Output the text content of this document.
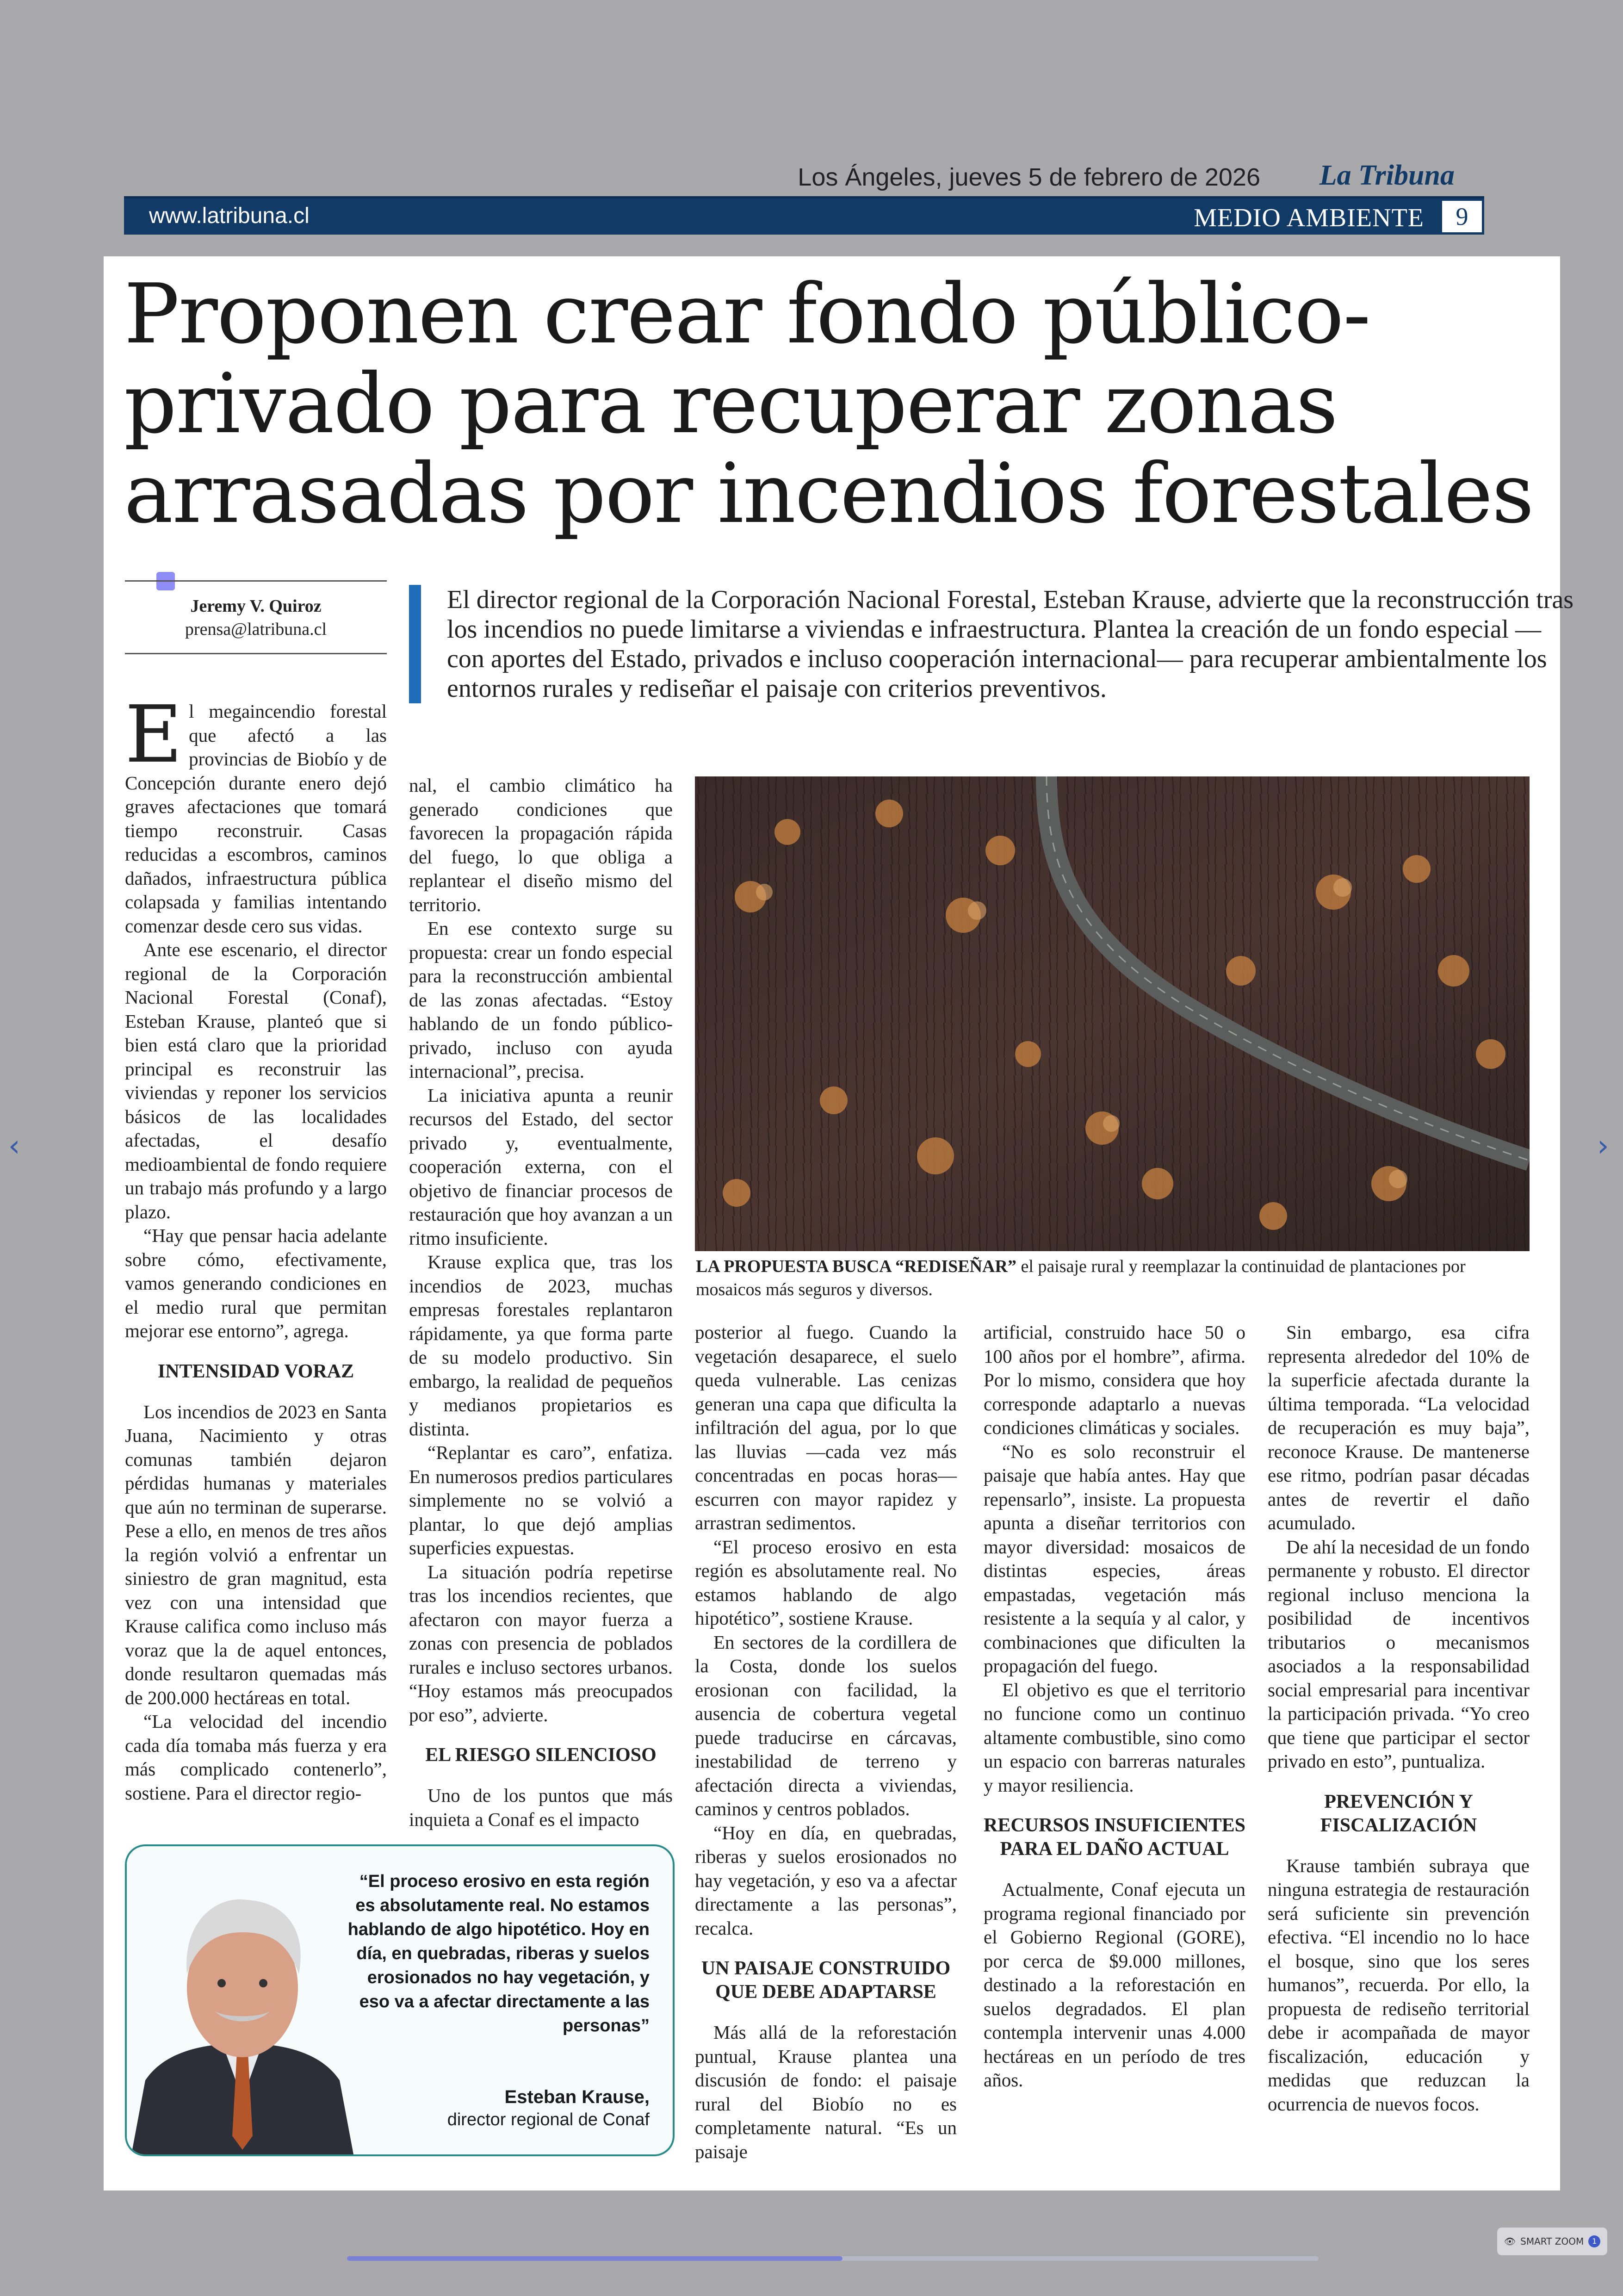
Los Ángeles, jueves 5 de febrero de 2026 La Tribuna
www.latribuna.cl	MEDIO AMBIENTE	9
Proponen crear fondo público-privado para recuperar zonas arrasadas por incendios forestales
Jeremy V. Quiroz
prensa@latribuna.cl
El director regional de la Corporación Nacional Forestal, Esteban Krause, advierte que la reconstrucción tras los incendios no puede limitarse a viviendas e infraestructura. Plantea la creación de un fondo especial —con aportes del Estado, privados e incluso cooperación internacional— para recuperar ambientalmente los entornos rurales y rediseñar el paisaje con criterios preventivos.

El megaincendio forestal que afectó a las provincias de Biobío y de Concepción durante enero dejó graves afectaciones que tomará tiempo reconstruir. Casas reducidas a escombros, caminos dañados, infraestructura pública colapsada y familias intentando comenzar desde cero sus vidas.

Ante ese escenario, el director regional de la Corporación Nacional Forestal (Conaf), Esteban Krause, planteó que si bien está claro que la prioridad principal es reconstruir las viviendas y reponer los servicios básicos de las localidades afectadas, el desafío medioambiental de fondo requiere un trabajo más profundo y a largo plazo.

“Hay que pensar hacia adelante sobre cómo, efectivamente, vamos generando condiciones en el medio rural que permitan mejorar ese entorno”, agrega.

INTENSIDAD VORAZ

Los incendios de 2023 en Santa Juana, Nacimiento y otras comunas también dejaron pérdidas humanas y materiales que aún no terminan de superarse. Pese a ello, en menos de tres años la región volvió a enfrentar un siniestro de gran magnitud, esta vez con una intensidad que Krause califica como incluso más voraz que la de aquel entonces, donde resultaron quemadas más de 200.000 hectáreas en total.

“La velocidad del incendio cada día tomaba más fuerza y era más complicado contenerlo”, sostiene. Para el director regio-

nal, el cambio climático ha generado condiciones que favorecen la propagación rápida del fuego, lo que obliga a replantear el diseño mismo del territorio.

En ese contexto surge su propuesta: crear un fondo especial para la reconstrucción ambiental de las zonas afectadas. “Estoy hablando de un fondo público-privado, incluso con ayuda internacional”, precisa.

La iniciativa apunta a reunir recursos del Estado, del sector privado y, eventualmente, cooperación externa, con el objetivo de financiar procesos de restauración que hoy avanzan a un ritmo insuficiente.

Krause explica que, tras los incendios de 2023, muchas empresas forestales replantaron rápidamente, ya que forma parte de su modelo productivo. Sin embargo, la realidad de pequeños y medianos propietarios es distinta.

“Replantar es caro”, enfatiza. En numerosos predios particulares simplemente no se volvió a plantar, lo que dejó amplias superficies expuestas.

La situación podría repetirse tras los incendios recientes, que afectaron con mayor fuerza a zonas con presencia de poblados rurales e incluso sectores urbanos. “Hoy estamos más preocupados por eso”, advierte.

EL RIESGO SILENCIOSO

Uno de los puntos que más inquieta a Conaf es el impacto

LA PROPUESTA BUSCA “REDISEÑAR” el paisaje rural y reemplazar la continuidad de plantaciones por mosaicos más seguros y diversos.

posterior al fuego. Cuando la vegetación desaparece, el suelo queda vulnerable. Las cenizas generan una capa que dificulta la infiltración del agua, por lo que las lluvias —cada vez más concentradas en pocas horas— escurren con mayor rapidez y arrastran sedimentos.

“El proceso erosivo en esta región es absolutamente real. No estamos hablando de algo hipotético”, sostiene Krause.

En sectores de la cordillera de la Costa, donde los suelos erosionan con facilidad, la ausencia de cobertura vegetal puede traducirse en cárcavas, inestabilidad de terreno y afectación directa a viviendas, caminos y centros poblados.

“Hoy en día, en quebradas, riberas y suelos erosionados no hay vegetación, y eso va a afectar directamente a las personas”, recalca.

UN PAISAJE CONSTRUIDO QUE DEBE ADAPTARSE

Más allá de la reforestación puntual, Krause plantea una discusión de fondo: el paisaje rural del Biobío no es completamente natural. “Es un paisaje

artificial, construido hace 50 o 100 años por el hombre”, afirma. Por lo mismo, considera que hoy corresponde adaptarlo a nuevas condiciones climáticas y sociales.

“No es solo reconstruir el paisaje que había antes. Hay que repensarlo”, insiste. La propuesta apunta a diseñar territorios con mayor diversidad: mosaicos de distintas especies, áreas empastadas, vegetación más resistente a la sequía y al calor, y combinaciones que dificulten la propagación del fuego.

El objetivo es que el territorio no funcione como un continuo altamente combustible, sino como un espacio con barreras naturales y mayor resiliencia.

RECURSOS INSUFICIENTES PARA EL DAÑO ACTUAL

Actualmente, Conaf ejecuta un programa regional financiado por el Gobierno Regional (GORE), por cerca de $9.000 millones, destinado a la reforestación en suelos degradados. El plan contempla intervenir unas 4.000 hectáreas en un período de tres años.

Sin embargo, esa cifra representa alrededor del 10% de la superficie afectada durante la última temporada. “La velocidad de recuperación es muy baja”, reconoce Krause. De mantenerse ese ritmo, podrían pasar décadas antes de revertir el daño acumulado.

De ahí la necesidad de un fondo permanente y robusto. El director regional incluso menciona la posibilidad de incentivos tributarios o mecanismos asociados a la responsabilidad social empresarial para incentivar la participación privada. “Yo creo que tiene que participar el sector privado en esto”, puntualiza.

PREVENCIÓN Y FISCALIZACIÓN

Krause también subraya que ninguna estrategia de restauración será suficiente sin prevención efectiva. “El incendio no lo hace el bosque, sino que los seres humanos”, recuerda. Por ello, la propuesta de rediseño territorial debe ir acompañada de mayor fiscalización, educación y medidas que reduzcan la ocurrencia de nuevos focos.

“El proceso erosivo en esta región es absolutamente real. No estamos hablando de algo hipotético. Hoy en día, en quebradas, riberas y suelos erosionados no hay vegetación, y eso va a afectar directamente a las personas”
Esteban Krause,
director regional de Conaf
‹	›
👁 SMART ZOOM	1
